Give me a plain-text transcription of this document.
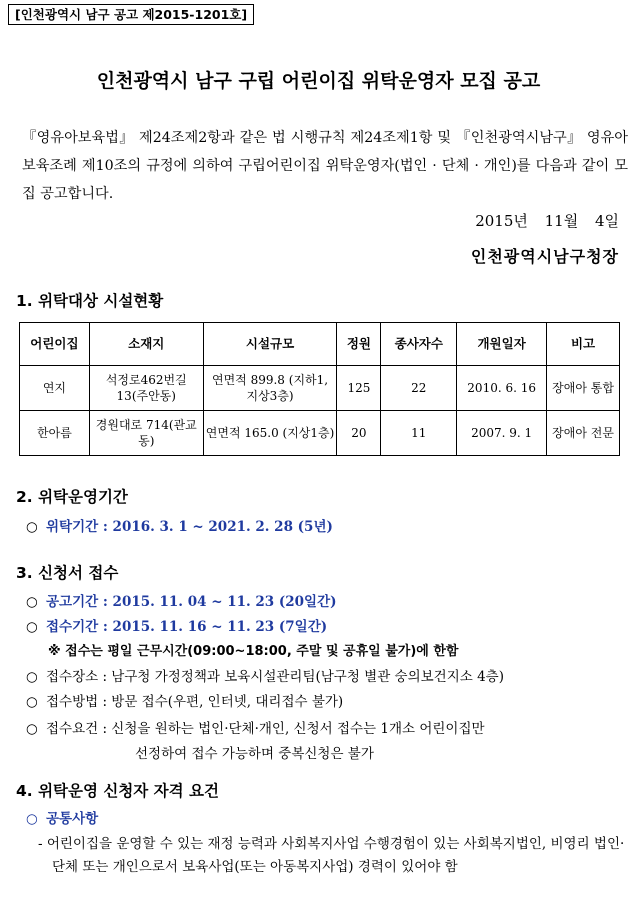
[인천광역시 남구 공고 제2015-1201호]
인천광역시 남구 구립 어린이집 위탁운영자 모집 공고
『영유아보육법』 제24조제2항과 같은 법 시행규칙 제24조제1항 및 『인천광역시남구』 영유아보육조례 제10조의 규정에 의하여 구립어린이집 위탁운영자(법인 · 단체 · 개인)를 다음과 같이 모집 공고합니다.
2015년 11월 4일
인천광역시남구청장
1. 위탁대상 시설현황
어린이집	소재지	시설규모	정원	종사자수	개원일자	비고
연지	석정로462번길 13(주안동)	연면적 899.8 (지하1, 지상3층)	125	22	2010. 6. 16	장애아 통합
한아름	경원대로 714(관교동)	연면적 165.0 (지상1층)	20	11	2007. 9. 1	장애아 전문
2. 위탁운영기간
○ 위탁기간 : 2016. 3. 1 ~ 2021. 2. 28 (5년)
3. 신청서 접수
○ 공고기간 : 2015. 11. 04 ~ 11. 23 (20일간)
○ 접수기간 : 2015. 11. 16 ~ 11. 23 (7일간)
※ 접수는 평일 근무시간(09:00~18:00, 주말 및 공휴일 불가)에 한함
○ 접수장소 : 남구청 가정정책과 보육시설관리팀(남구청 별관 숭의보건지소 4층)
○ 접수방법 : 방문 접수(우편, 인터넷, 대리접수 불가)
○ 접수요건 : 신청을 원하는 법인·단체·개인, 신청서 접수는 1개소 어린이집만
선정하여 접수 가능하며 중복신청은 불가
4. 위탁운영 신청자 자격 요건
○ 공통사항
- 어린이집을 운영할 수 있는 재정 능력과 사회복지사업 수행경험이 있는 사회복지법인, 비영리 법인·단체 또는 개인으로서 보육사업(또는 아동복지사업) 경력이 있어야 함
